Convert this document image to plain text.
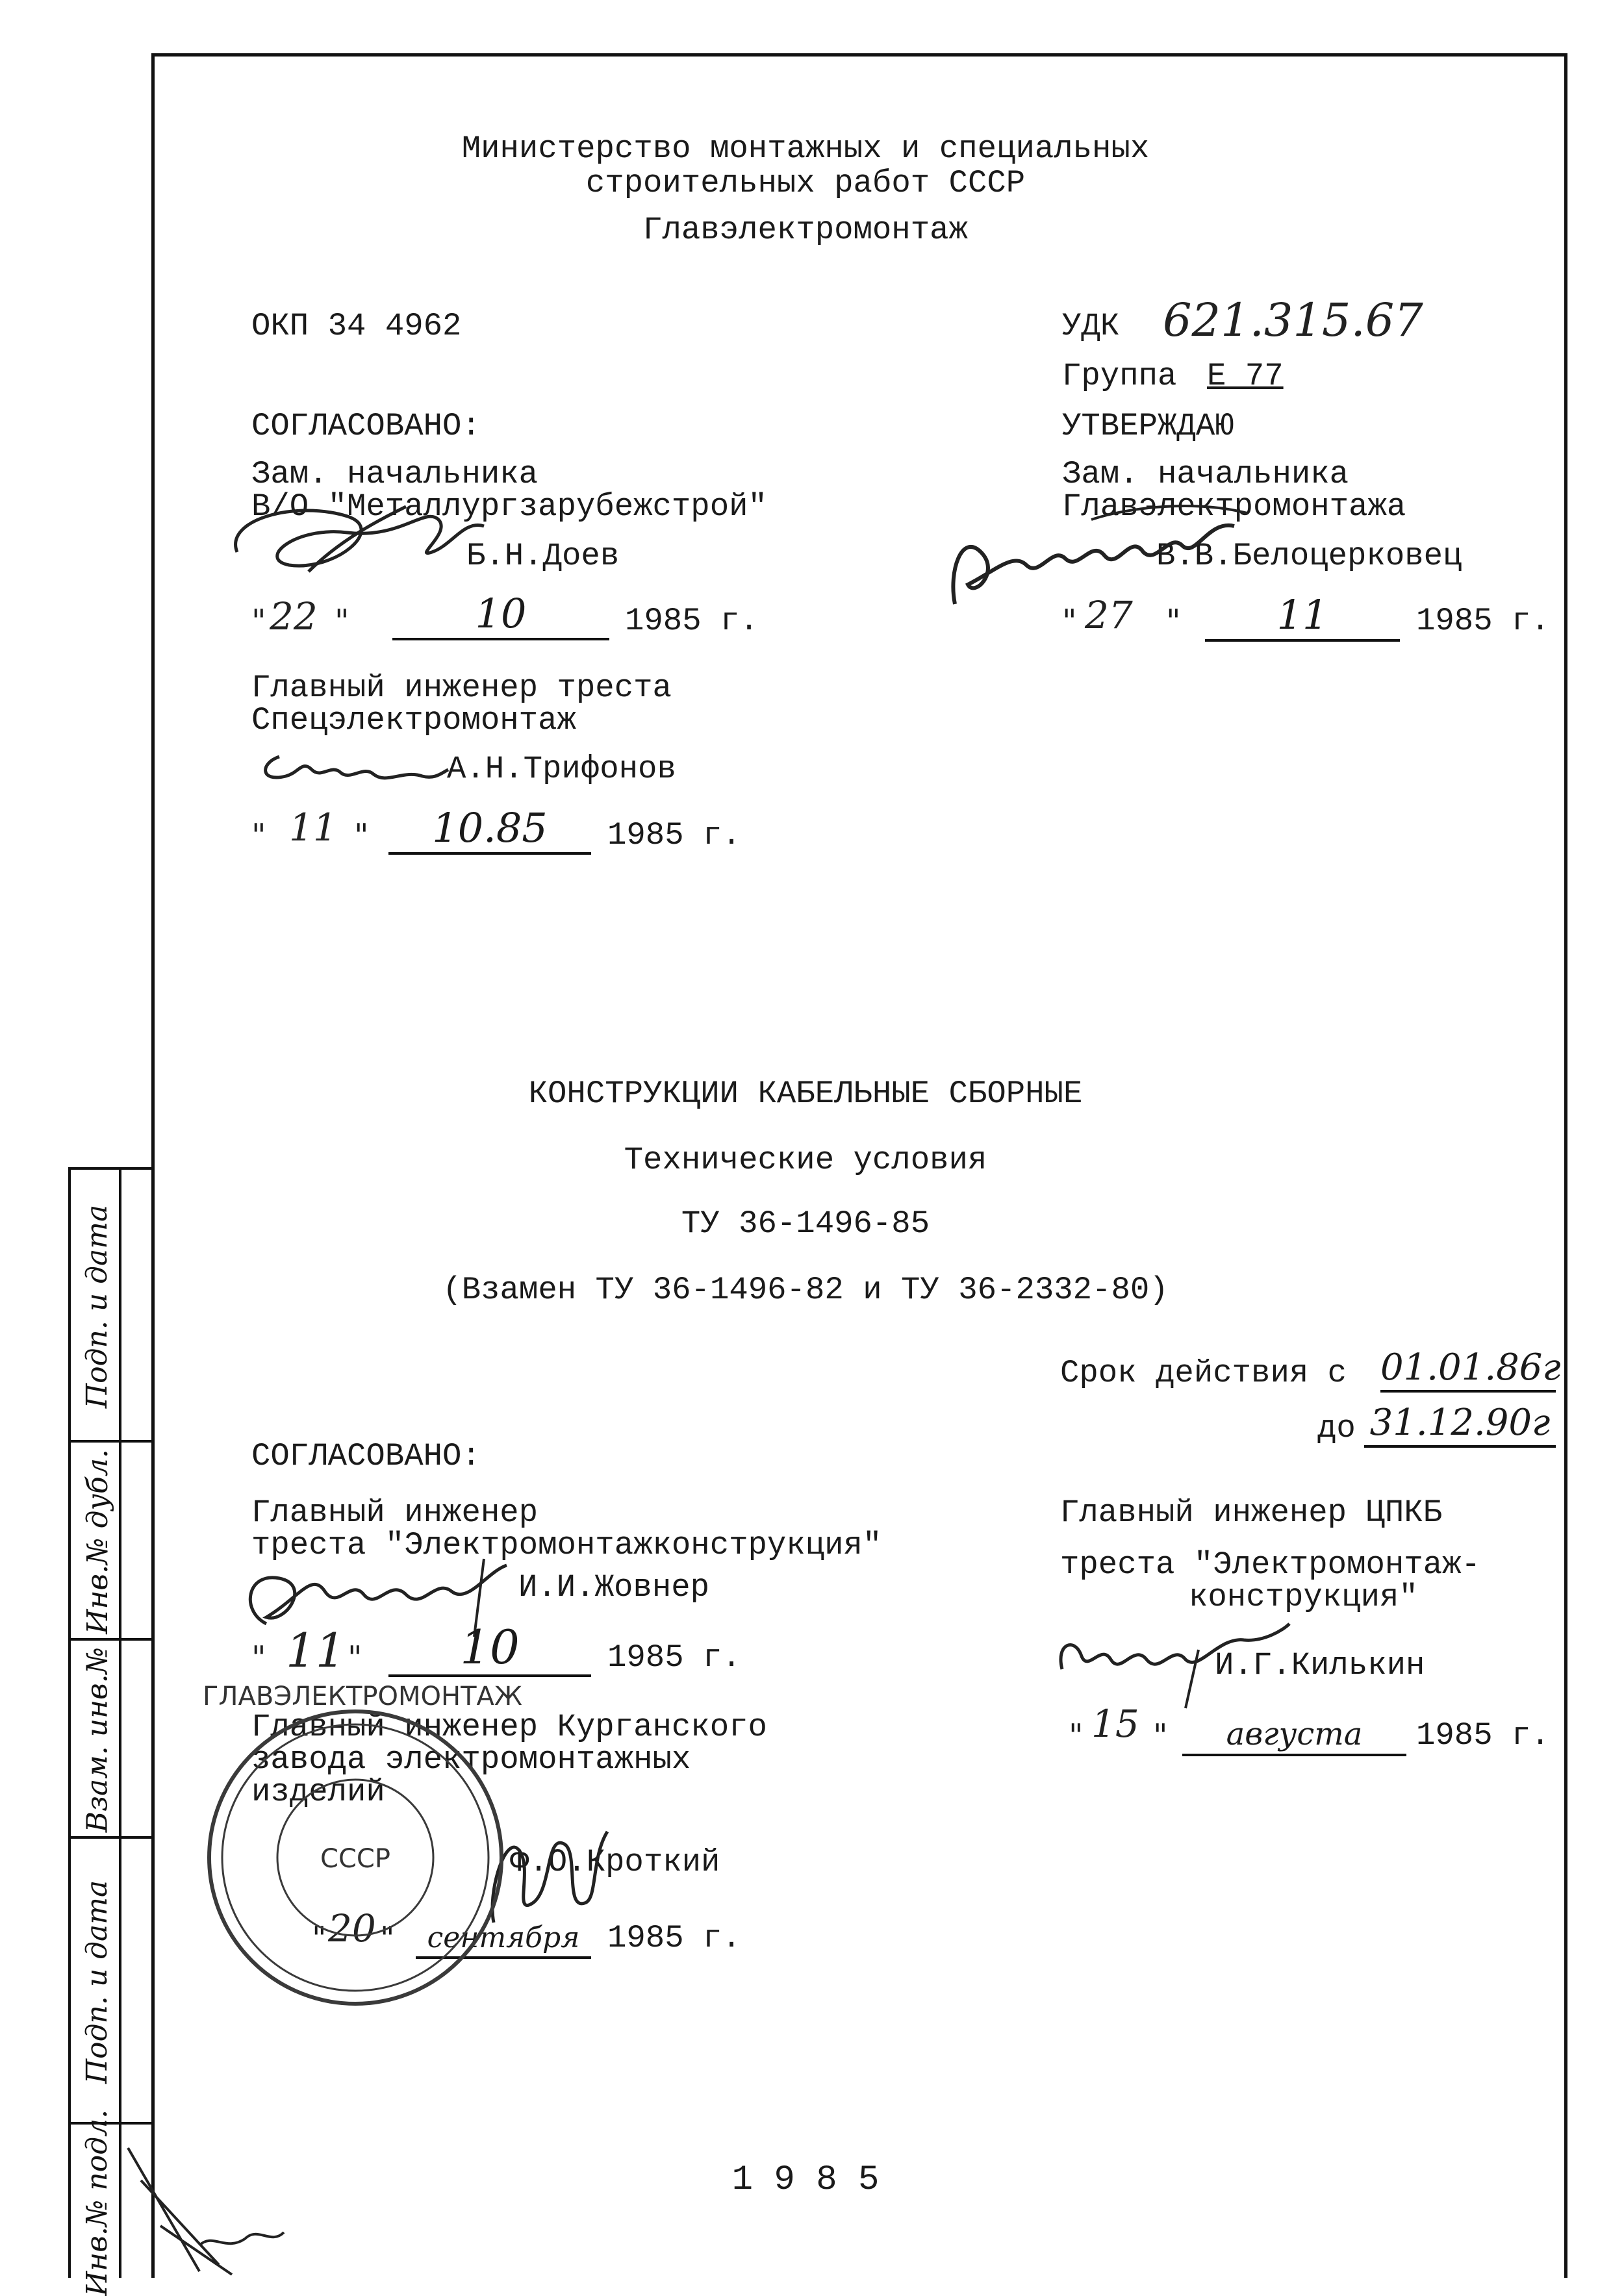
Министерство монтажных и специальных
строительных работ СССР
Главэлектромонтаж
ОКП 34 4962	УДК 621.315.67
Группа Е 77
СОГЛАСОВАНО:
Зам. начальника
В/О "Металлургзарубежстрой"
Б.Н.Доев
" 22 "	10	1985 г.
УТВЕРЖДАЮ
Зам. начальника
Главэлектромонтажа
В.В.Белоцерковец
" 27 "	11	1985 г.
Главный инженер треста
Спецэлектромонтаж
А.Н.Трифонов
" 11 "	10.85	1985 г.
КОНСТРУКЦИИ КАБЕЛЬНЫЕ СБОРНЫЕ
Технические условия
ТУ 36-1496-85
(Взамен ТУ 36-1496-82 и ТУ 36-2332-80)
Срок действия с 01.01.86г
до 31.12.90г
СОГЛАСОВАНО:
Главный инженер
треста "Электромонтажконструкция"
И.И.Жовнер
" 11 "	10	1985 г.
Главный инженер Курганского
завода электромонтажных
изделий
Ф.О.Кроткий
" 20 "	сентября 1985 г.
ГЛАВЭЛЕКТРОМОНТАЖ
СССР
Главный инженер ЦПКБ
треста "Электромонтаж-
конструкция"
И.Г.Килькин
" 15 "	августа	1985 г.
1 9 8 5
Подп. и дата
Инв.№ дубл.
Взам. инв.№
Подп. и дата
Инв.№ подл.
